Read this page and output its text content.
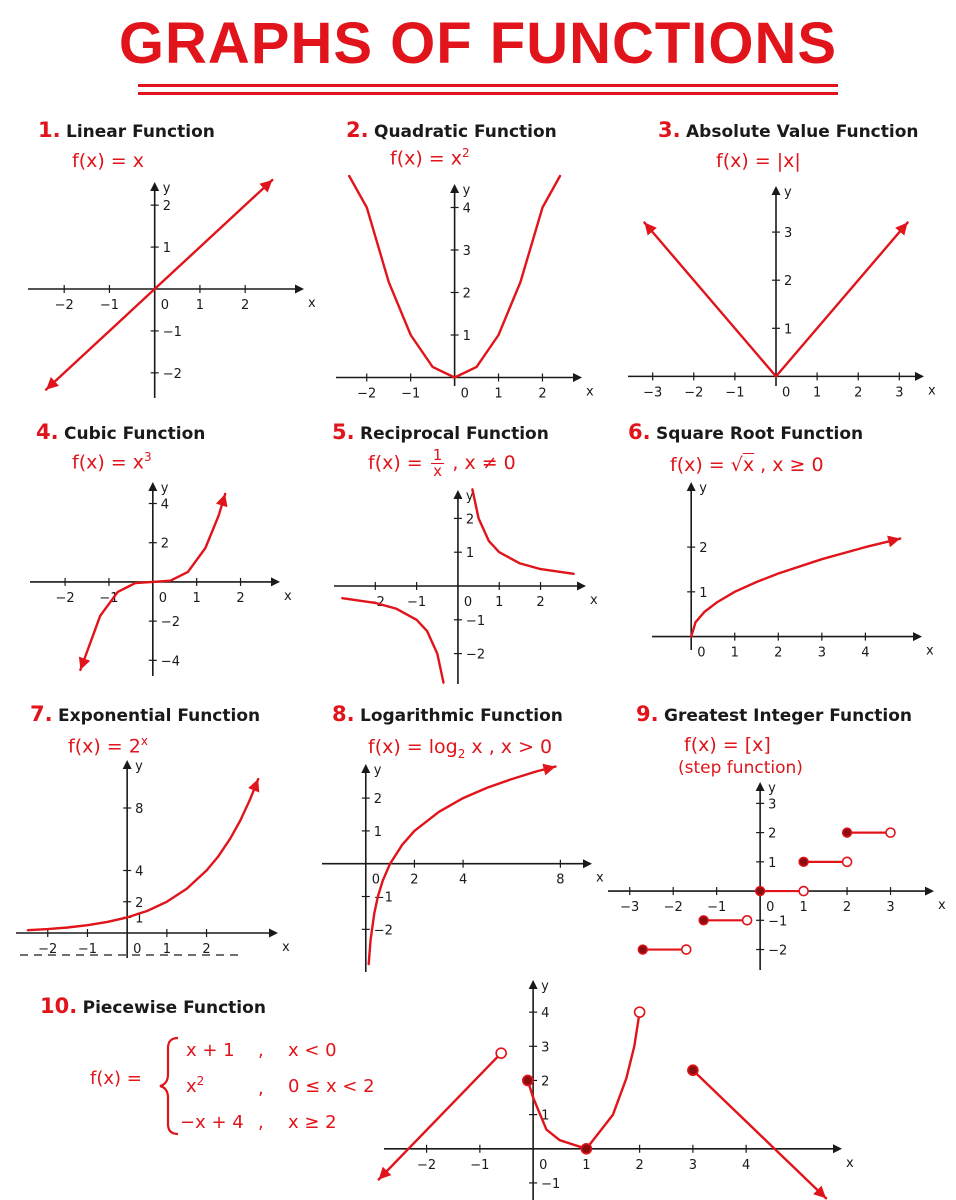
GRAPHS OF FUNCTIONS
1. Linear Function	2. Quadratic Function	3. Absolute Value Function
4. Cubic Function	5. Reciprocal Function	6. Square Root Function
7. Exponential Function	8. Logarithmic Function	9. Greatest Integer Function
10. Piecewise Function
f(x) = x	$f(x) = x^2$	f(x) = |x|
$f(x) = x^3$	$f(x) = \frac{1}{x}$ , x ≠ 0	f(x) = √x , x ≥ 0
$f(x) = 2^x$	$f(x) = \log_2 x$ , x > 0	f(x) = [x]
(step function)
f(x) =
x + 1 , x < 0
$x^2$	, 0 ≤ x < 2
−x + 4 , x ≥ 2
x
y
−2 −1	1	2
2
1
−1
−2
0
x
y
−2 −1	1	2
4
3
2
1
0	x
y
−3 −2 −1	1	2	3
3
2
1
0
x
y
−2 −1	1	2
4
2
−2
−4
0	x
y
−2 −1	1	2
2
1
−1
−2
0
x
y
1	2	3	4
2
1
0
x
y
−2 −1	1 2
8
4
2
1
0
x
y
2	4	8
2
1
−1
−2
0
x
y
−3 −2 −1	1	2	3
3
2
1
−1
−2
0
x
y
−2	−1	1	2	3	4
4
3
2
1
−1
0
